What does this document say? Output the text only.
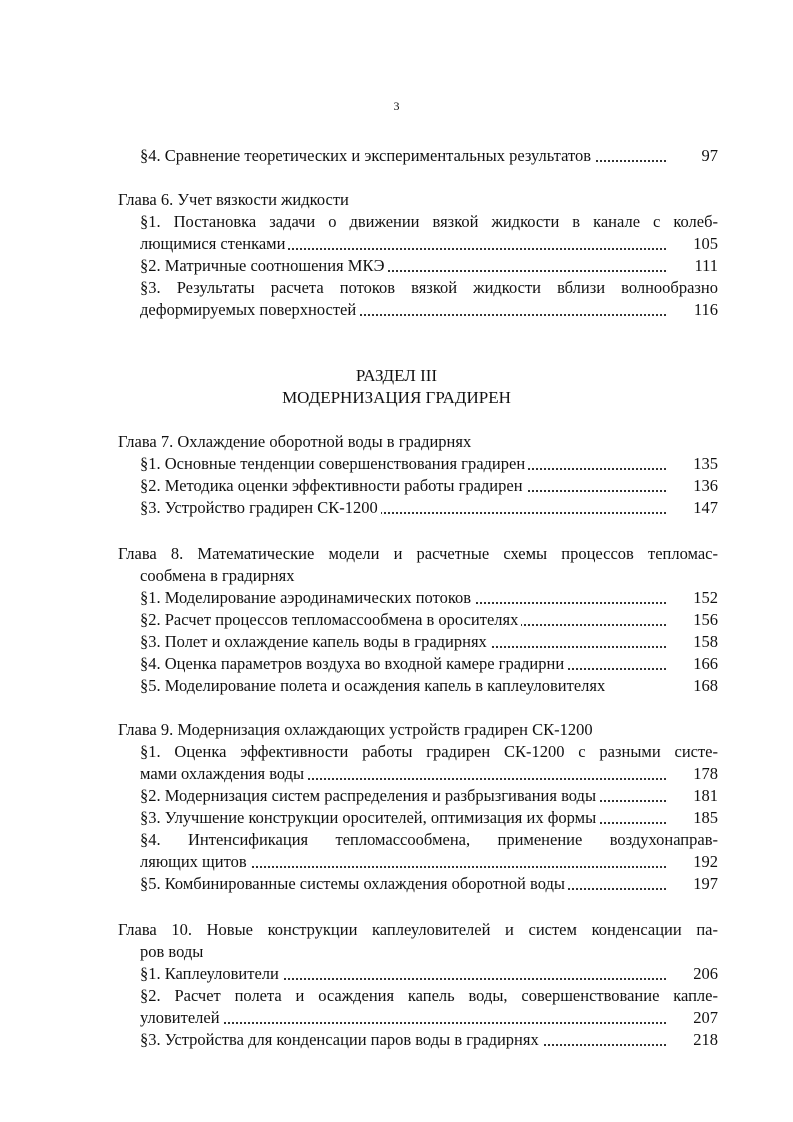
3
§4. Сравнение теоретических и экспериментальных результатов	97
Глава 6. Учет вязкости жидкости
§1. Постановка задачи о движении вязкой жидкости в канале с колеб-
лющимися стенками	105
§2. Матричные соотношения МКЭ	111
§3. Результаты расчета потоков вязкой жидкости вблизи волнообразно
деформируемых поверхностей	116
РАЗДЕЛ III
МОДЕРНИЗАЦИЯ ГРАДИРЕН
Глава 7. Охлаждение оборотной воды в градирнях
§1. Основные тенденции совершенствования градирен	135
§2. Методика оценки эффективности работы градирен	136
§3. Устройство градирен СК-1200	147
Глава 8. Математические модели и расчетные схемы процессов тепломас-
сообмена в градирнях
§1. Моделирование аэродинамических потоков	152
§2. Расчет процессов тепломассообмена в оросителях	156
§3. Полет и охлаждение капель воды в градирнях	158
§4. Оценка параметров воздуха во входной камере градирни	166
§5. Моделирование полета и осаждения капель в каплеуловителях	168
Глава 9. Модернизация охлаждающих устройств градирен СК-1200
§1. Оценка эффективности работы градирен СК-1200 с разными систе-
мами охлаждения воды	178
§2. Модернизация систем распределения и разбрызгивания воды	181
§3. Улучшение конструкции оросителей, оптимизация их формы	185
§4. Интенсификация тепломассообмена, применение воздухонаправ-
ляющих щитов	192
§5. Комбинированные системы охлаждения оборотной воды	197
Глава 10. Новые конструкции каплеуловителей и систем конденсации па-
ров воды
§1. Каплеуловители	206
§2. Расчет полета и осаждения капель воды, совершенствование капле-
уловителей	207
§3. Устройства для конденсации паров воды в градирнях	218
